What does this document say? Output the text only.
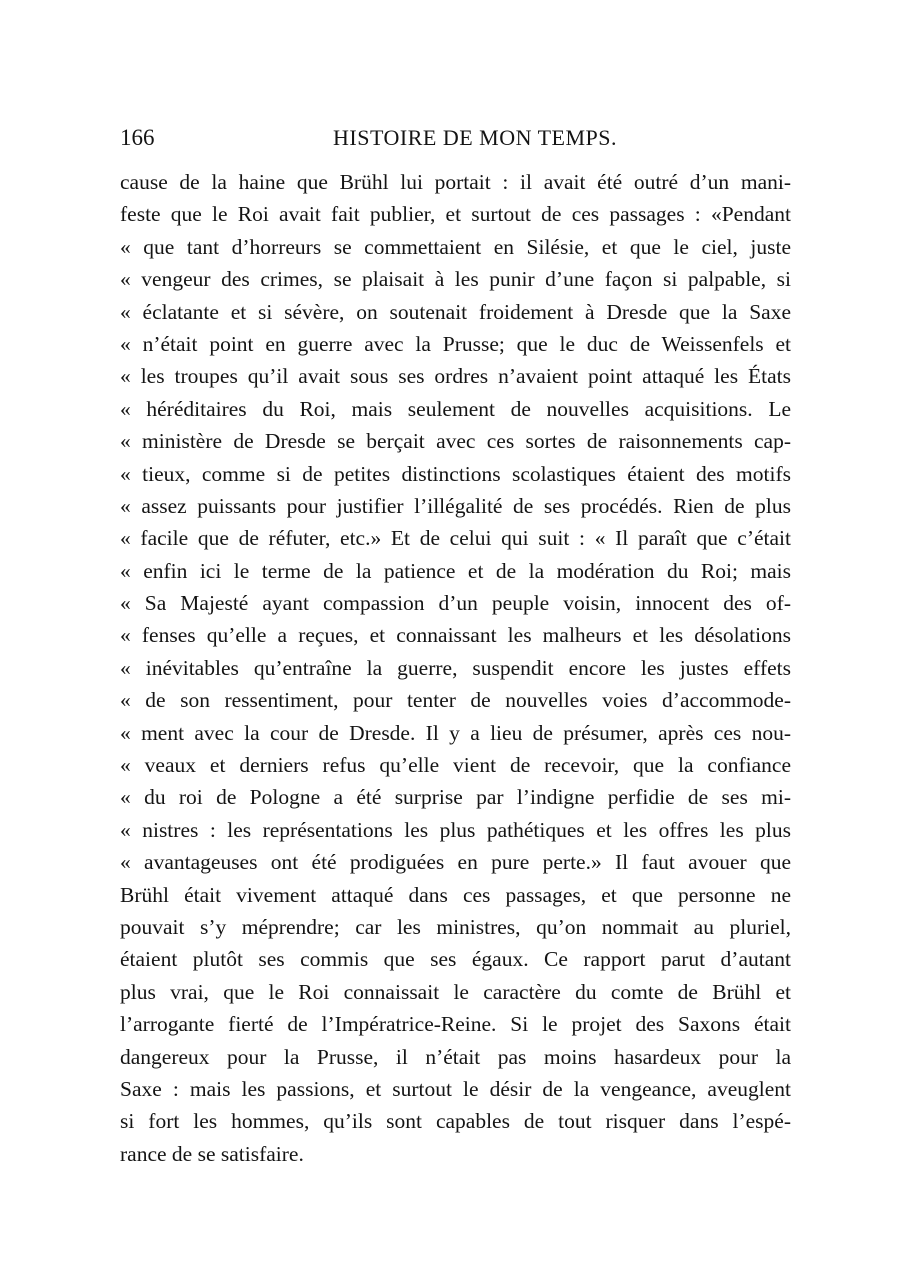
166	HISTOIRE DE MON TEMPS.
cause de la haine que Brühl lui portait : il avait été outré d’un mani-
feste que le Roi avait fait publier, et surtout de ces passages : «Pendant
« que tant d’horreurs se commettaient en Silésie, et que le ciel, juste
« vengeur des crimes, se plaisait à les punir d’une façon si palpable, si
« éclatante et si sévère, on soutenait froidement à Dresde que la Saxe
« n’était point en guerre avec la Prusse; que le duc de Weissenfels et
« les troupes qu’il avait sous ses ordres n’avaient point attaqué les États
« héréditaires du Roi, mais seulement de nouvelles acquisitions. Le
« ministère de Dresde se berçait avec ces sortes de raisonnements cap-
« tieux, comme si de petites distinctions scolastiques étaient des motifs
« assez puissants pour justifier l’illégalité de ses procédés. Rien de plus
« facile que de réfuter, etc.» Et de celui qui suit : « Il paraît que c’était
« enfin ici le terme de la patience et de la modération du Roi; mais
« Sa Majesté ayant compassion d’un peuple voisin, innocent des of-
« fenses qu’elle a reçues, et connaissant les malheurs et les désolations
« inévitables qu’entraîne la guerre, suspendit encore les justes effets
« de son ressentiment, pour tenter de nouvelles voies d’accommode-
« ment avec la cour de Dresde. Il y a lieu de présumer, après ces nou-
« veaux et derniers refus qu’elle vient de recevoir, que la confiance
« du roi de Pologne a été surprise par l’indigne perfidie de ses mi-
« nistres : les représentations les plus pathétiques et les offres les plus
« avantageuses ont été prodiguées en pure perte.» Il faut avouer que
Brühl était vivement attaqué dans ces passages, et que personne ne
pouvait s’y méprendre; car les ministres, qu’on nommait au pluriel,
étaient plutôt ses commis que ses égaux. Ce rapport parut d’autant
plus vrai, que le Roi connaissait le caractère du comte de Brühl et
l’arrogante fierté de l’Impératrice-Reine. Si le projet des Saxons était
dangereux pour la Prusse, il n’était pas moins hasardeux pour la
Saxe : mais les passions, et surtout le désir de la vengeance, aveuglent
si fort les hommes, qu’ils sont capables de tout risquer dans l’espé-
rance de se satisfaire.
